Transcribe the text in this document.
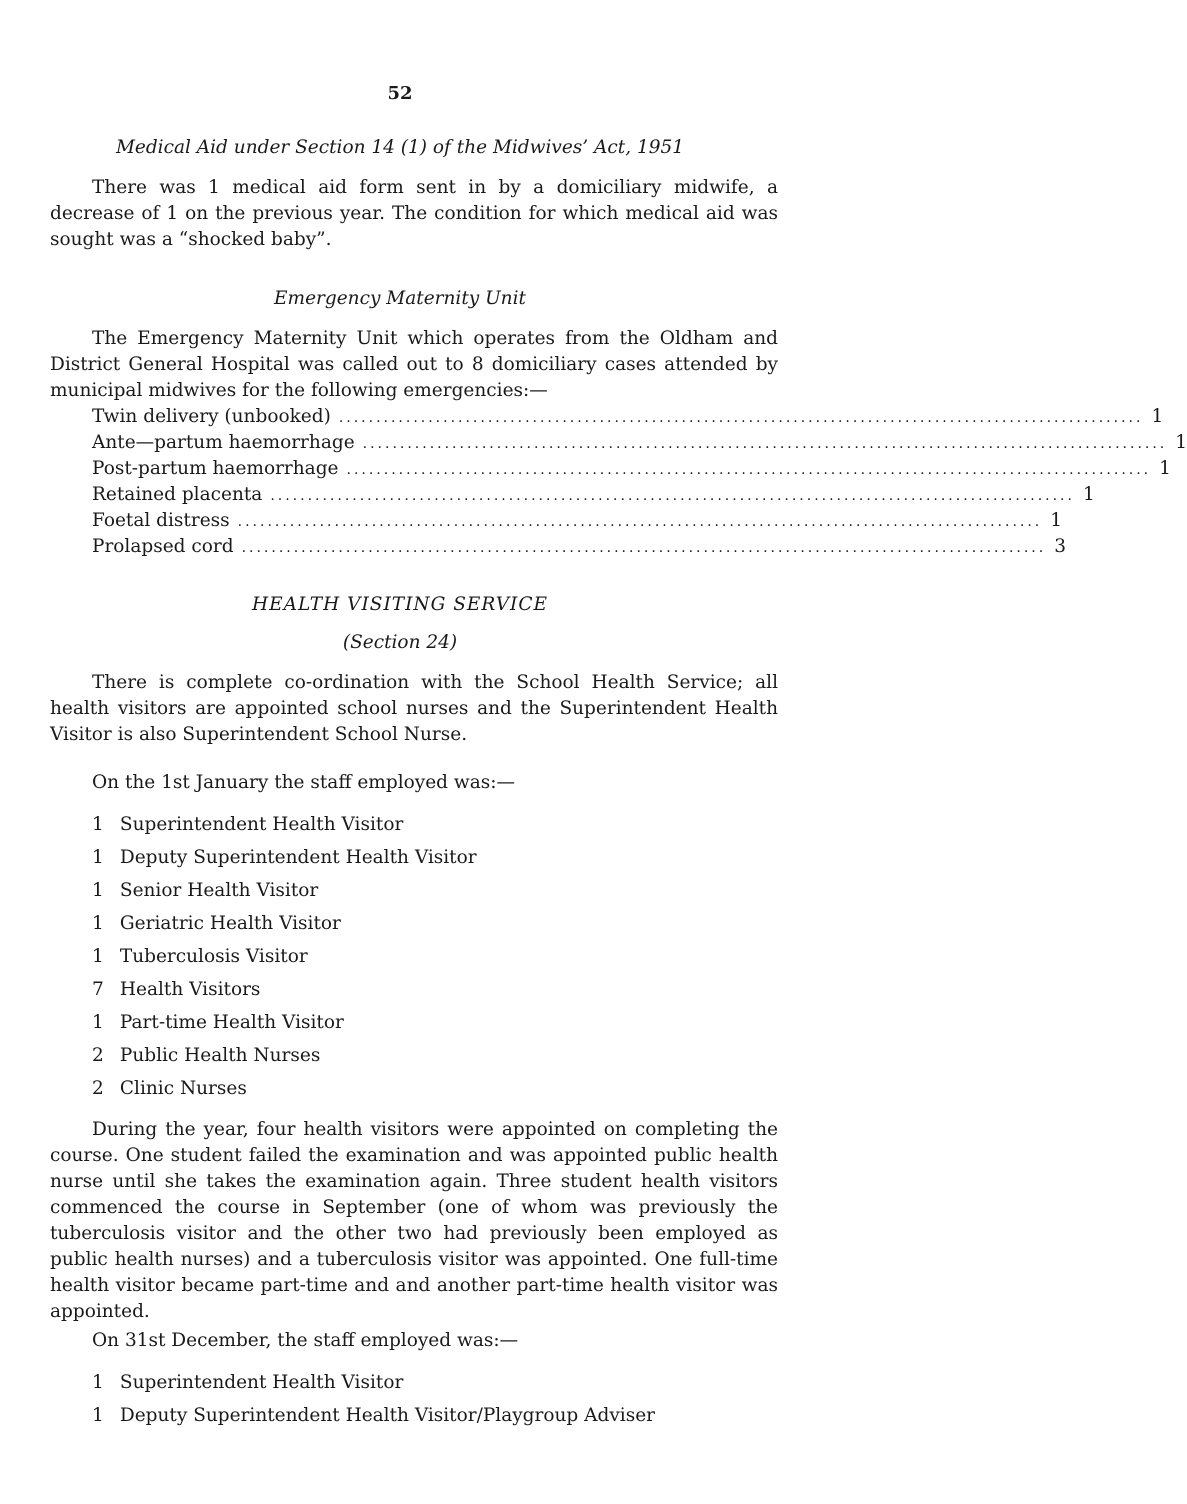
52
Medical Aid under Section 14 (1) of the Midwives’ Act, 1951
There was 1 medical aid form sent in by a domiciliary midwife, a decrease of 1 on the previous year. The condition for which medical aid was sought was a “shocked baby”.
Emergency Maternity Unit
The Emergency Maternity Unit which operates from the Oldham and District General Hospital was called out to 8 domiciliary cases attended by municipal midwives for the following emergencies:—
Twin delivery (unbooked) ............................................................................................................ 1
Ante—partum haemorrhage ............................................................................................................ 1
Post-partum haemorrhage ............................................................................................................ 1
Retained placenta ............................................................................................................ 1
Foetal distress ............................................................................................................ 1
Prolapsed cord ............................................................................................................ 3
HEALTH VISITING SERVICE
(Section 24)
There is complete co-ordination with the School Health Service; all health visitors are appointed school nurses and the Superintendent Health Visitor is also Superintendent School Nurse.
On the 1st January the staff employed was:—
1 Superintendent Health Visitor
1 Deputy Superintendent Health Visitor
1 Senior Health Visitor
1 Geriatric Health Visitor
1 Tuberculosis Visitor
7 Health Visitors
1 Part-time Health Visitor
2 Public Health Nurses
2 Clinic Nurses
During the year, four health visitors were appointed on completing the course. One student failed the examination and was appointed public health nurse until she takes the examination again. Three student health visitors commenced the course in September (one of whom was previously the tuberculosis visitor and the other two had previously been employed as public health nurses) and a tuberculosis visitor was appointed. One full-time health visitor became part-time and and another part-time health visitor was appointed.
On 31st December, the staff employed was:—
1 Superintendent Health Visitor
1 Deputy Superintendent Health Visitor/Playgroup Adviser
